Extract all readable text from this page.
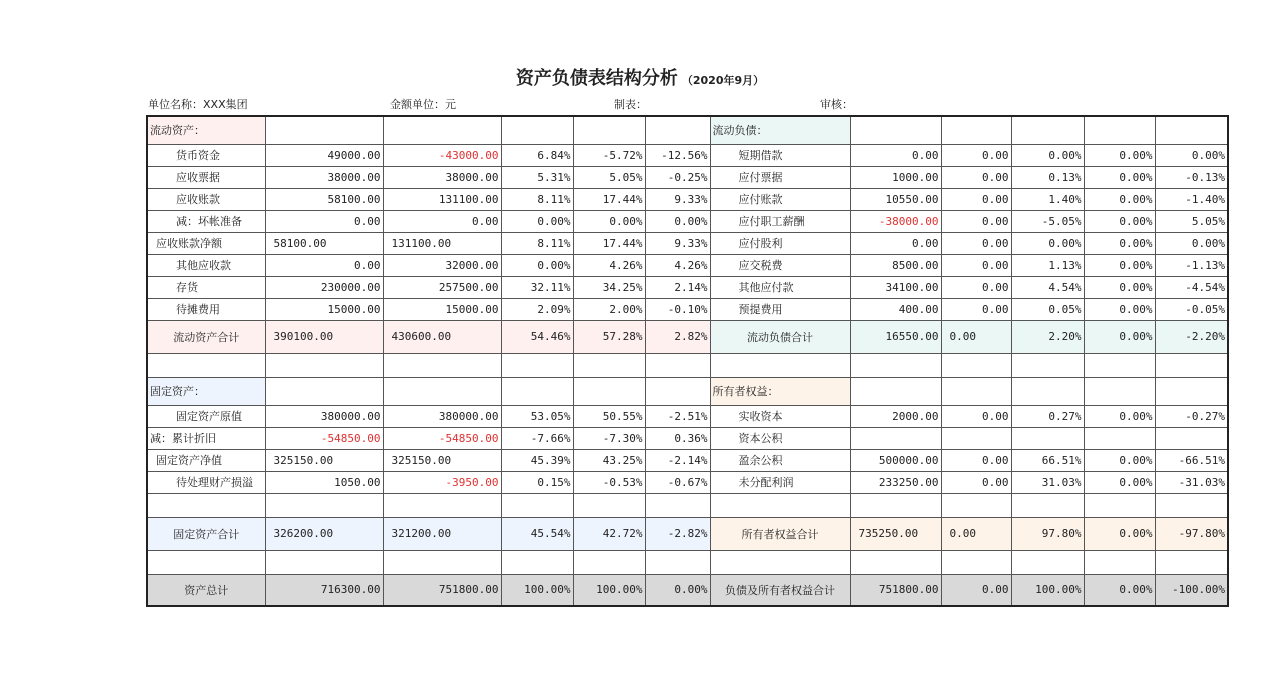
资产负债表结构分析 （2020年9月）
单位名称：XXX集团	金额单位：元	制表：	审核：
流动资产：						流动负债：					
货币资金	49000.00	-43000.00	6.84%	-5.72%	-12.56%	短期借款	0.00	0.00	0.00%	0.00%	0.00%
应收票据	38000.00	38000.00	5.31%	5.05%	-0.25%	应付票据	1000.00	0.00	0.13%	0.00%	-0.13%
应收账款	58100.00	131100.00	8.11%	17.44%	9.33%	应付账款	10550.00	0.00	1.40%	0.00%	-1.40%
减：坏帐准备	0.00	0.00	0.00%	0.00%	0.00%	应付职工薪酬	-38000.00	0.00	-5.05%	0.00%	5.05%
应收账款净额	58100.00	131100.00	8.11%	17.44%	9.33%	应付股利	0.00	0.00	0.00%	0.00%	0.00%
其他应收款	0.00	32000.00	0.00%	4.26%	4.26%	应交税费	8500.00	0.00	1.13%	0.00%	-1.13%
存货	230000.00	257500.00	32.11%	34.25%	2.14%	其他应付款	34100.00	0.00	4.54%	0.00%	-4.54%
待摊费用	15000.00	15000.00	2.09%	2.00%	-0.10%	预提费用	400.00	0.00	0.05%	0.00%	-0.05%
流动资产合计	390100.00	430600.00	54.46%	57.28%	2.82%	流动负债合计	16550.00	0.00	2.20%	0.00%	-2.20%

固定资产：						所有者权益：					
固定资产原值	380000.00	380000.00	53.05%	50.55%	-2.51%	实收资本	2000.00	0.00	0.27%	0.00%	-0.27%
减：累计折旧	-54850.00	-54850.00	-7.66%	-7.30%	0.36%	资本公积					
固定资产净值	325150.00	325150.00	45.39%	43.25%	-2.14%	盈余公积	500000.00	0.00	66.51%	0.00%	-66.51%
待处理财产损溢	1050.00	-3950.00	0.15%	-0.53%	-0.67%	未分配利润	233250.00	0.00	31.03%	0.00%	-31.03%

固定资产合计	326200.00	321200.00	45.54%	42.72%	-2.82%	所有者权益合计	735250.00	0.00	97.80%	0.00%	-97.80%

资产总计	716300.00	751800.00	100.00%	100.00%	0.00%	负债及所有者权益合计	751800.00	0.00	100.00%	0.00%	-100.00%
